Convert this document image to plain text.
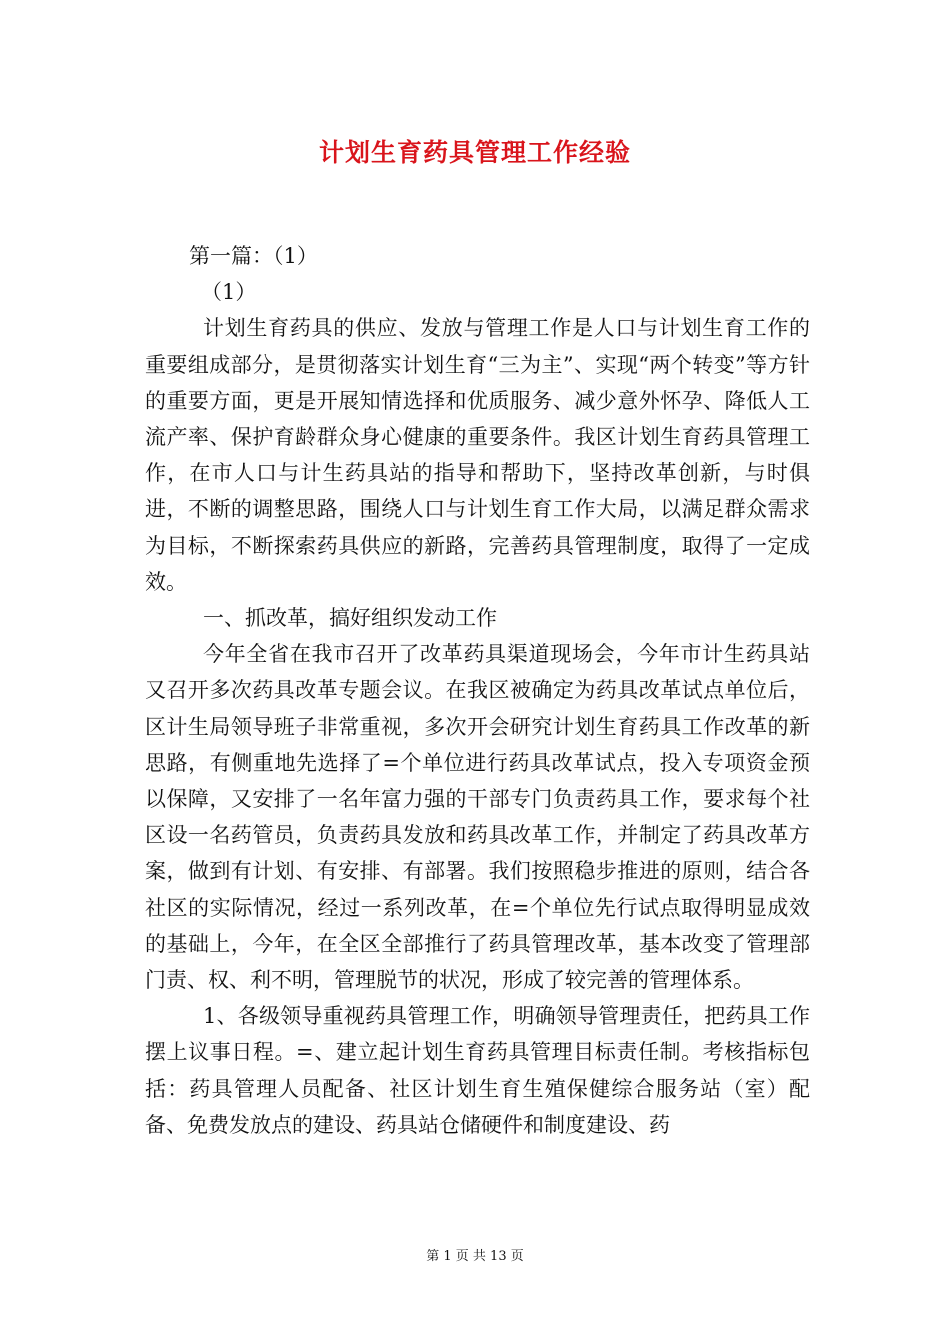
计划生育药具管理工作经验

第一篇：（1）

（1）

计划生育药具的供应、发放与管理工作是人口与计划生育工作的重要组成部分，是贯彻落实计划生育“三为主”、实现“两个转变”等方针的重要方面，更是开展知情选择和优质服务、减少意外怀孕、降低人工流产率、保护育龄群众身心健康的重要条件。我区计划生育药具管理工作，在市人口与计生药具站的指导和帮助下，坚持改革创新，与时俱进，不断的调整思路，围绕人口与计划生育工作大局，以满足群众需求为目标，不断探索药具供应的新路，完善药具管理制度，取得了一定成效。

一、抓改革，搞好组织发动工作

今年全省在我市召开了改革药具渠道现场会，今年市计生药具站又召开多次药具改革专题会议。在我区被确定为药具改革试点单位后，区计生局领导班子非常重视，多次开会研究计划生育药具工作改革的新思路，有侧重地先选择了=个单位进行药具改革试点，投入专项资金预以保障，又安排了一名年富力强的干部专门负责药具工作，要求每个社区设一名药管员，负责药具发放和药具改革工作，并制定了药具改革方案，做到有计划、有安排、有部署。我们按照稳步推进的原则，结合各社区的实际情况，经过一系列改革，在=个单位先行试点取得明显成效的基础上，今年，在全区全部推行了药具管理改革，基本改变了管理部门责、权、利不明，管理脱节的状况，形成了较完善的管理体系。

1、各级领导重视药具管理工作，明确领导管理责任，把药具工作摆上议事日程。=、建立起计划生育药具管理目标责任制。考核指标包括：药具管理人员配备、社区计划生育生殖保健综合服务站（室）配备、免费发放点的建设、药具站仓储硬件和制度建设、药

第 1 页 共 13 页
